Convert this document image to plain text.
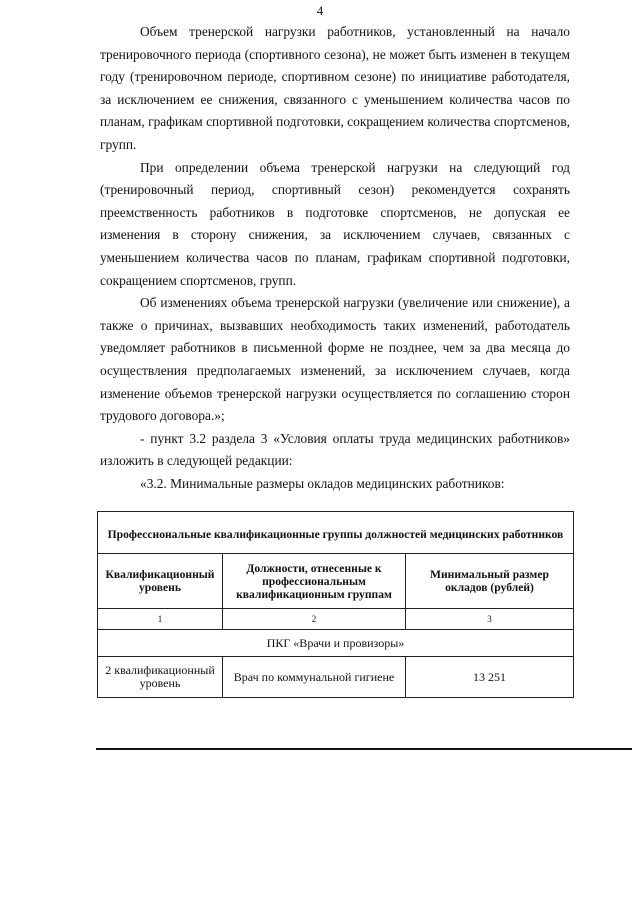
4

Объем тренерской нагрузки работников, установленный на начало тренировочного периода (спортивного сезона), не может быть изменен в текущем году (тренировочном периоде, спортивном сезоне) по инициативе работодателя, за исключением ее снижения, связанного с уменьшением количества часов по планам, графикам спортивной подготовки, сокращением количества спортсменов, групп.

При определении объема тренерской нагрузки на следующий год (тренировочный период, спортивный сезон) рекомендуется сохранять преемственность работников в подготовке спортсменов, не допуская ее изменения в сторону снижения, за исключением случаев, связанных с уменьшением количества часов по планам, графикам спортивной подготовки, сокращением спортсменов, групп.

Об изменениях объема тренерской нагрузки (увеличение или снижение), а также о причинах, вызвавших необходимость таких изменений, работодатель уведомляет работников в письменной форме не позднее, чем за два месяца до осуществления предполагаемых изменений, за исключением случаев, когда изменение объемов тренерской нагрузки осуществляется по соглашению сторон трудового договора.»;

- пункт 3.2 раздела 3 «Условия оплаты труда медицинских работников» изложить в следующей редакции:

«3.2. Минимальные размеры окладов медицинских работников:

Профессиональные квалификационные группы должностей медицинских работников		
Квалификационный уровень	Должности, отнесенные к профессиональным квалификационным группам	Минимальный размер окладов (рублей)
1	2	3
ПКГ «Врачи и провизоры»		
2 квалификационный уровень	Врач по коммунальной гигиене	13 251
